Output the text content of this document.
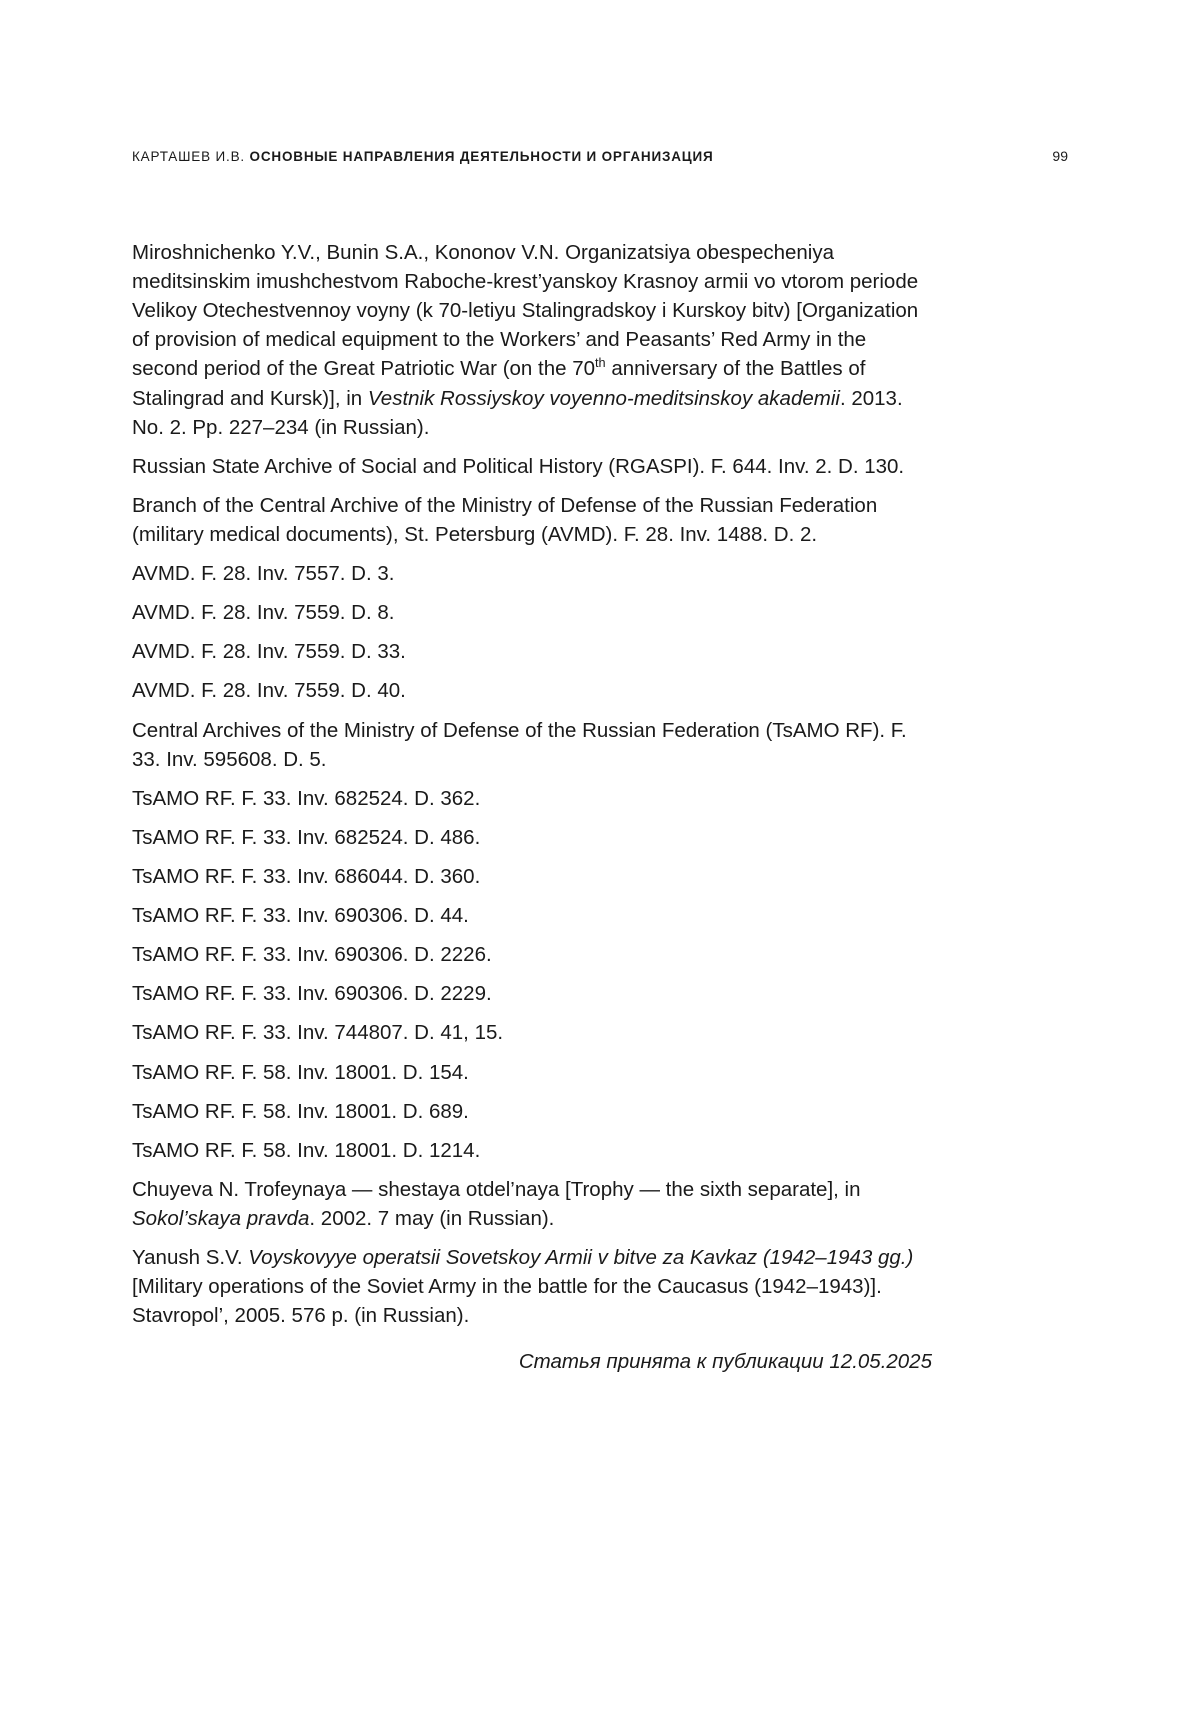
КАРТАШЕВ И.В. ОСНОВНЫЕ НАПРАВЛЕНИЯ ДЕЯТЕЛЬНОСТИ И ОРГАНИЗАЦИЯ	99
Miroshnichenko Y.V., Bunin S.A., Kononov V.N. Organizatsiya obespecheniya meditsinskim imushchestvom Raboche-krest’yanskoy Krasnoy armii vo vtorom periode Velikoy Otechestvennoy voyny (k 70-letiyu Stalingradskoy i Kurskoy bitv) [Organization of provision of medical equipment to the Workers’ and Peasants’ Red Army in the second period of the Great Patriotic War (on the 70th anniversary of the Battles of Stalingrad and Kursk)], in Vestnik Rossiyskoy voyenno-meditsinskoy akademii. 2013. No. 2. Pp. 227–234 (in Russian).
Russian State Archive of Social and Political History (RGASPI). F. 644. Inv. 2. D. 130.
Branch of the Central Archive of the Ministry of Defense of the Russian Federation (military medical documents), St. Petersburg (AVMD). F. 28. Inv. 1488. D. 2.
AVMD. F. 28. Inv. 7557. D. 3.
AVMD. F. 28. Inv. 7559. D. 8.
AVMD. F. 28. Inv. 7559. D. 33.
AVMD. F. 28. Inv. 7559. D. 40.
Central Archives of the Ministry of Defense of the Russian Federation (TsAMO RF). F. 33. Inv. 595608. D. 5.
TsAMO RF. F. 33. Inv. 682524. D. 362.
TsAMO RF. F. 33. Inv. 682524. D. 486.
TsAMO RF. F. 33. Inv. 686044. D. 360.
TsAMO RF. F. 33. Inv. 690306. D. 44.
TsAMO RF. F. 33. Inv. 690306. D. 2226.
TsAMO RF. F. 33. Inv. 690306. D. 2229.
TsAMO RF. F. 33. Inv. 744807. D. 41, 15.
TsAMO RF. F. 58. Inv. 18001. D. 154.
TsAMO RF. F. 58. Inv. 18001. D. 689.
TsAMO RF. F. 58. Inv. 18001. D. 1214.
Chuyeva N. Trofeynaya — shestaya otdel’naya [Trophy — the sixth separate], in Sokol’skaya pravda. 2002. 7 may (in Russian).
Yanush S.V. Voyskovyye operatsii Sovetskoy Armii v bitve za Kavkaz (1942–1943 gg.) [Military operations of the Soviet Army in the battle for the Caucasus (1942–1943)]. Stavropol’, 2005. 576 p. (in Russian).
Статья принята к публикации 12.05.2025
